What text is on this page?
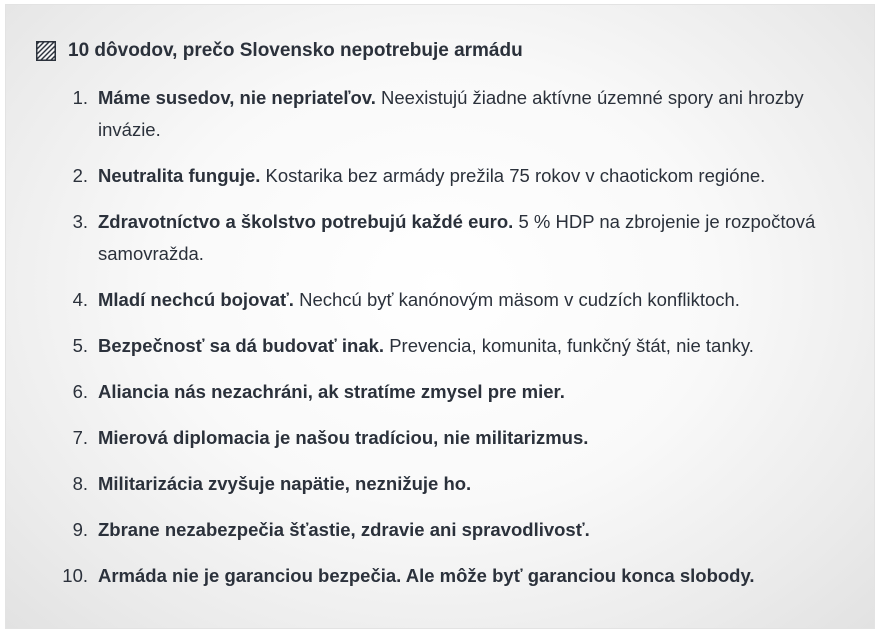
10 dôvodov, prečo Slovensko nepotrebuje armádu
1. Máme susedov, nie nepriateľov. Neexistujú žiadne aktívne územné spory ani hrozby invázie.
2. Neutralita funguje. Kostarika bez armády prežila 75 rokov v chaotickom regióne.
3. Zdravotníctvo a školstvo potrebujú každé euro. 5 % HDP na zbrojenie je rozpočtová samovražda.
4. Mladí nechcú bojovať. Nechcú byť kanónovým mäsom v cudzích konfliktoch.
5. Bezpečnosť sa dá budovať inak. Prevencia, komunita, funkčný štát, nie tanky.
6. Aliancia nás nezachráni, ak stratíme zmysel pre mier.
7. Mierová diplomacia je našou tradíciou, nie militarizmus.
8. Militarizácia zvyšuje napätie, neznižuje ho.
9. Zbrane nezabezpečia šťastie, zdravie ani spravodlivosť.
10. Armáda nie je garanciou bezpečia. Ale môže byť garanciou konca slobody.
